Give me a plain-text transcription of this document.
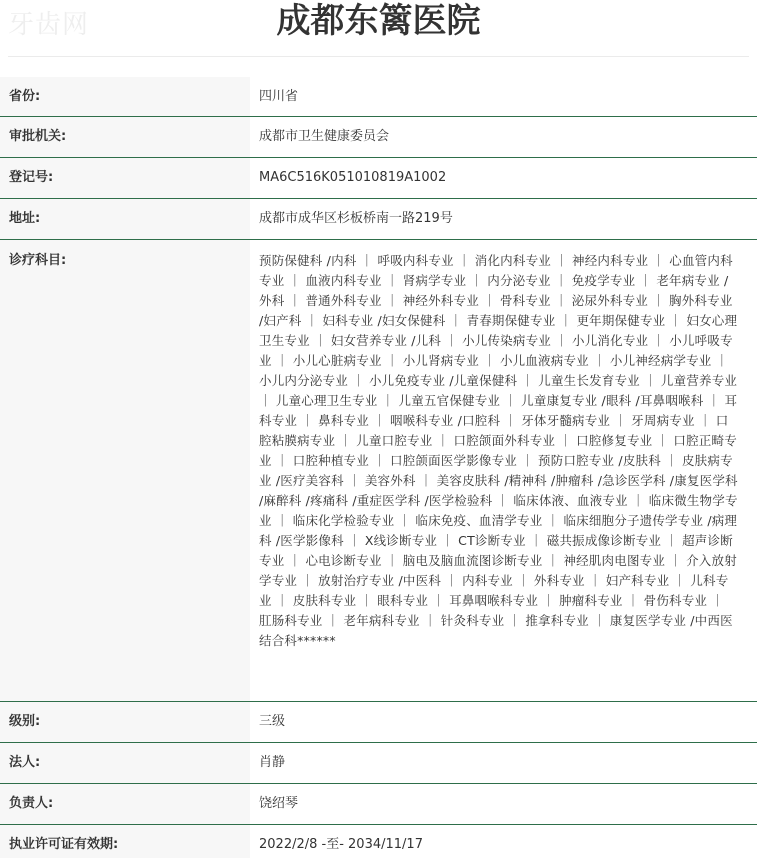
牙齿网	成都东篱医院
省份:	四川省
审批机关:	成都市卫生健康委员会
登记号:	MA6C516K051010819A1002
地址:	成都市成华区杉板桥南一路219号
诊疗科目:	预防保健科 /内科 ｜ 呼吸内科专业 ｜ 消化内科专业 ｜ 神经内科专业 ｜ 心血管内科专业 ｜ 血液内科专业 ｜ 肾病学专业 ｜ 内分泌专业 ｜ 免疫学专业 ｜ 老年病专业 /外科 ｜ 普通外科专业 ｜ 神经外科专业 ｜ 骨科专业 ｜ 泌尿外科专业 ｜ 胸外科专业 /妇产科 ｜ 妇科专业 /妇女保健科 ｜ 青春期保健专业 ｜ 更年期保健专业 ｜ 妇女心理卫生专业 ｜ 妇女营养专业 /儿科 ｜ 小儿传染病专业 ｜ 小儿消化专业 ｜ 小儿呼吸专业 ｜ 小儿心脏病专业 ｜ 小儿肾病专业 ｜ 小儿血液病专业 ｜ 小儿神经病学专业 ｜ 小儿内分泌专业 ｜ 小儿免疫专业 /儿童保健科 ｜ 儿童生长发育专业 ｜ 儿童营养专业 ｜ 儿童心理卫生专业 ｜ 儿童五官保健专业 ｜ 儿童康复专业 /眼科 /耳鼻咽喉科 ｜ 耳科专业 ｜ 鼻科专业 ｜ 咽喉科专业 /口腔科 ｜ 牙体牙髓病专业 ｜ 牙周病专业 ｜ 口腔粘膜病专业 ｜ 儿童口腔专业 ｜ 口腔颌面外科专业 ｜ 口腔修复专业 ｜ 口腔正畸专业 ｜ 口腔种植专业 ｜ 口腔颌面医学影像专业 ｜ 预防口腔专业 /皮肤科 ｜ 皮肤病专业 /医疗美容科 ｜ 美容外科 ｜ 美容皮肤科 /精神科 /肿瘤科 /急诊医学科 /康复医学科 /麻醉科 /疼痛科 /重症医学科 /医学检验科 ｜ 临床体液、血液专业 ｜ 临床微生物学专业 ｜ 临床化学检验专业 ｜ 临床免疫、血清学专业 ｜ 临床细胞分子遗传学专业 /病理科 /医学影像科 ｜ X线诊断专业 ｜ CT诊断专业 ｜ 磁共振成像诊断专业 ｜ 超声诊断专业 ｜ 心电诊断专业 ｜ 脑电及脑血流图诊断专业 ｜ 神经肌肉电图专业 ｜ 介入放射学专业 ｜ 放射治疗专业 /中医科 ｜ 内科专业 ｜ 外科专业 ｜ 妇产科专业 ｜ 儿科专业 ｜ 皮肤科专业 ｜ 眼科专业 ｜ 耳鼻咽喉科专业 ｜ 肿瘤科专业 ｜ 骨伤科专业 ｜ 肛肠科专业 ｜ 老年病科专业 ｜ 针灸科专业 ｜ 推拿科专业 ｜ 康复医学专业 /中西医结合科******
级别:	三级
法人:	肖静
负责人:	饶绍琴
执业许可证有效期:	2022/2/8 -至- 2034/11/17
